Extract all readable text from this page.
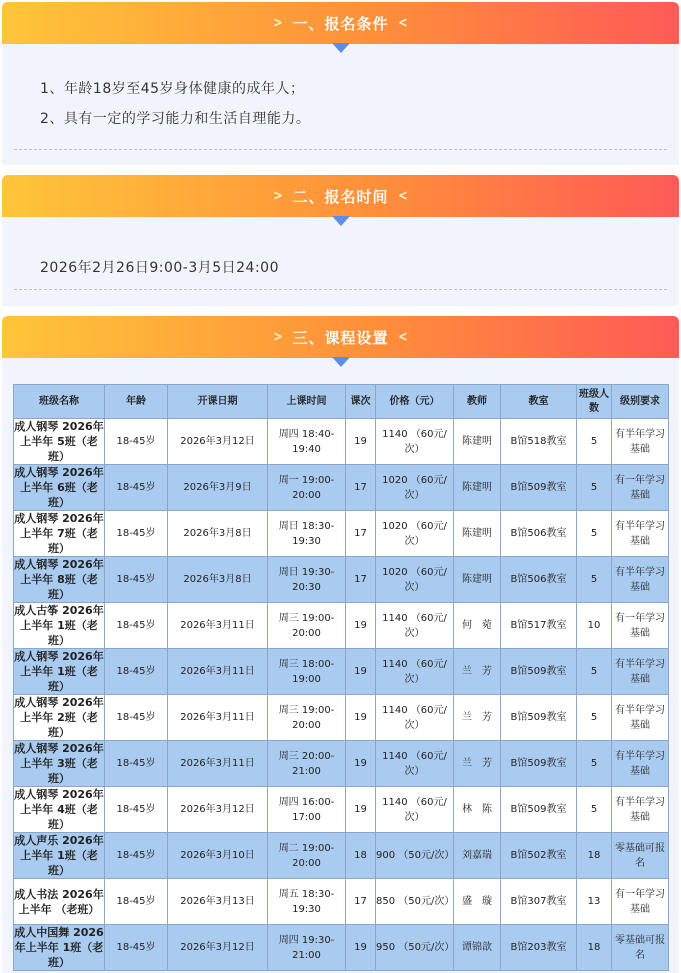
> 一、报名条件 <
1、年龄18岁至45岁身体健康的成年人；
2、具有一定的学习能力和生活自理能力。
> 二、报名时间 <
2026年2月26日9:00-3月5日24:00
> 三、课程设置 <
班级名称	年龄	开课日期	上课时间	课次	价格（元）	教师	教室	班级人数	级别要求
成人钢琴 2026年上半年 5班（老班）	18-45岁	2026年3月12日	周四 18:40-19:40	19	1140 （60元/次）	陈建明	B馆518教室	5	有半年学习基础
成人钢琴 2026年上半年 6班（老班）	18-45岁	2026年3月9日	周一 19:00-20:00	17	1020 （60元/次）	陈建明	B馆509教室	5	有一年学习基础
成人钢琴 2026年上半年 7班（老班）	18-45岁	2026年3月8日	周日 18:30-19:30	17	1020 （60元/次）	陈建明	B馆506教室	5	有半年学习基础
成人钢琴 2026年上半年 8班（老班）	18-45岁	2026年3月8日	周日 19:30-20:30	17	1020 （60元/次）	陈建明	B馆506教室	5	有半年学习基础
成人古筝 2026年上半年 1班（老班）	18-45岁	2026年3月11日	周三 19:00-20:00	19	1140 （60元/次）	何　菀	B馆517教室	10	有一年学习基础
成人钢琴 2026年上半年 1班（老班）	18-45岁	2026年3月11日	周三 18:00-19:00	19	1140 （60元/次）	兰　芳	B馆509教室	5	有半年学习基础
成人钢琴 2026年上半年 2班（老班）	18-45岁	2026年3月11日	周三 19:00-20:00	19	1140 （60元/次）	兰　芳	B馆509教室	5	有半年学习基础
成人钢琴 2026年上半年 3班（老班）	18-45岁	2026年3月11日	周三 20:00-21:00	19	1140 （60元/次）	兰　芳	B馆509教室	5	有半年学习基础
成人钢琴 2026年上半年 4班（老班）	18-45岁	2026年3月12日	周四 16:00-17:00	19	1140 （60元/次）	林　陈	B馆509教室	5	有半年学习基础
成人声乐 2026年上半年 1班（老班）	18-45岁	2026年3月10日	周二 19:00-20:00	18	900 （50元/次）	刘嘉瑞	B馆502教室	18	零基础可报名
成人书法 2026年上半年 （老班）	18-45岁	2026年3月13日	周五 18:30-19:30	17	850 （50元/次）	盛　璇	B馆307教室	13	有一年学习基础
成人中国舞 2026年上半年 1班（老班）	18-45岁	2026年3月12日	周四 19:30-21:00	19	950 （50元/次）	谭锦歆	B馆203教室	18	零基础可报名
